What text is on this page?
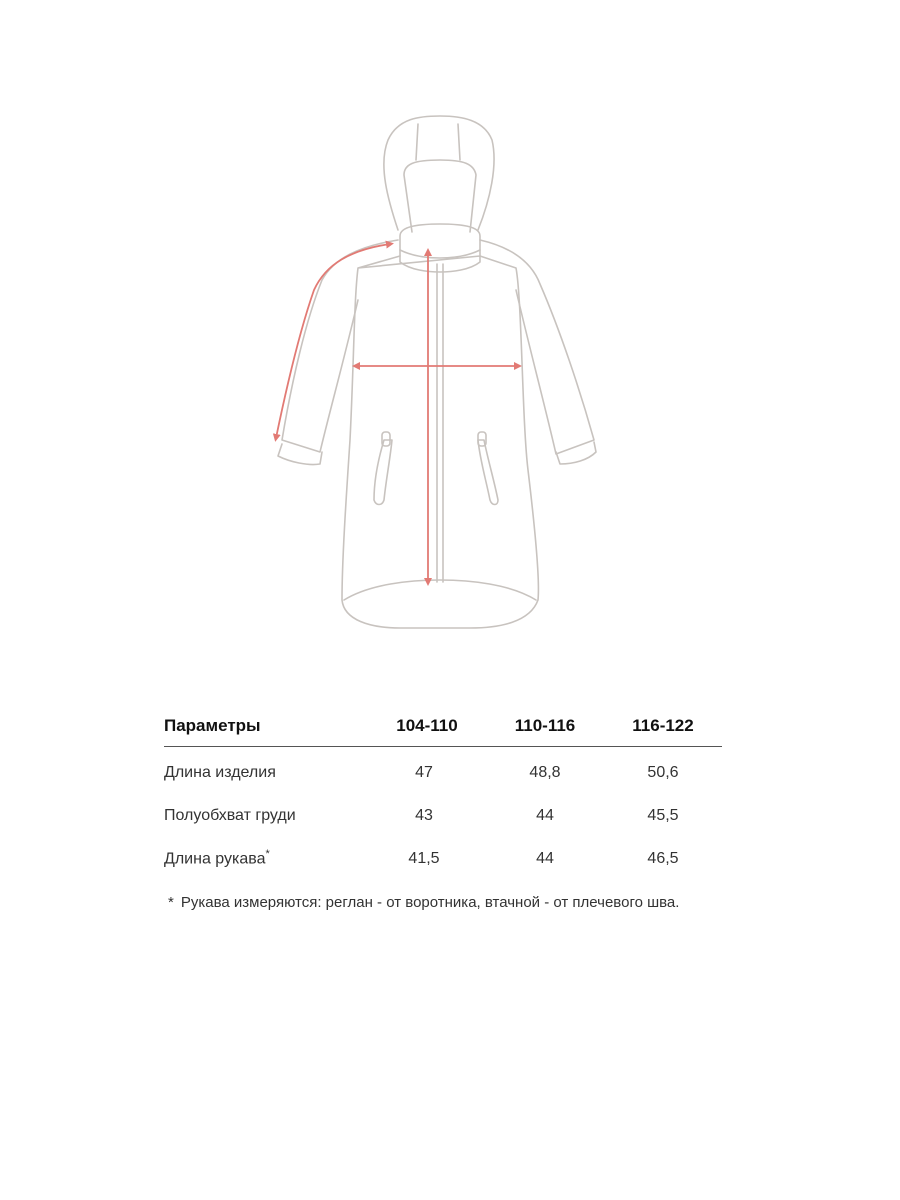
Параметры	104-110	110-116	116-122
Длина изделия	47	48,8	50,6
Полуобхват груди	43	44	45,5
Длина рукава*	41,5	44	46,5
* Рукава измеряются: реглан - от воротника, втачной - от плечевого шва.
